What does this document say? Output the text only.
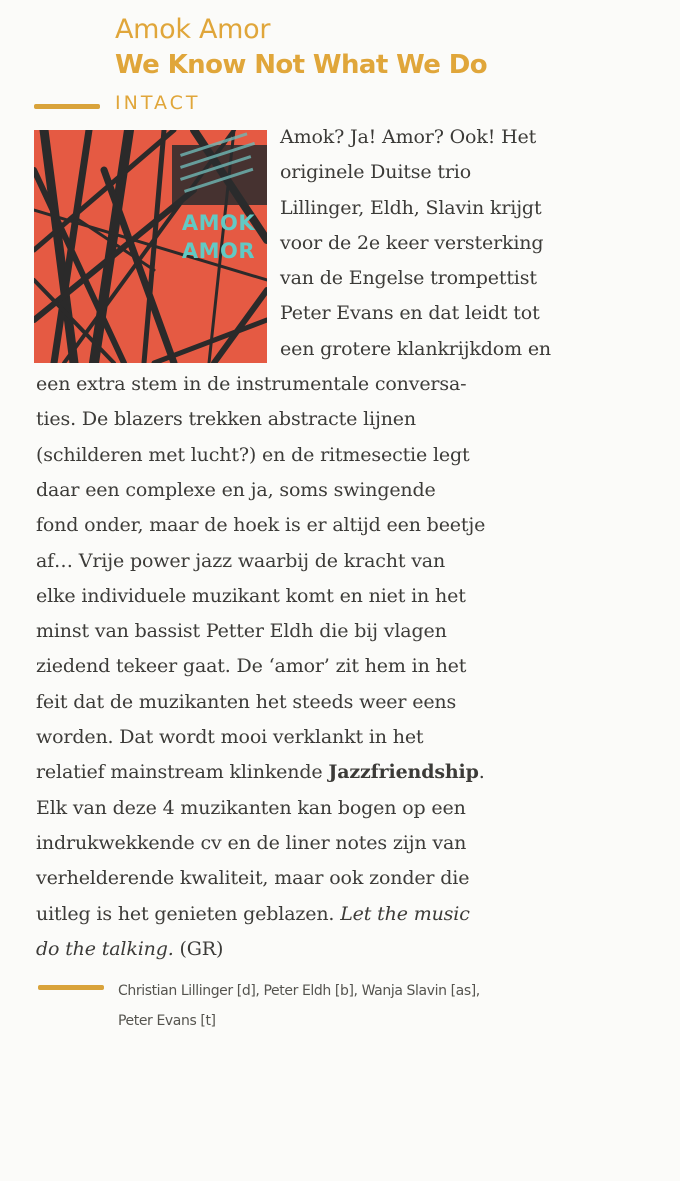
Amok Amor
We Know Not What We Do
INTACT
AMOK
AMOR
Amok? Ja! Amor? Ook! Het
originele Duitse trio
Lillinger, Eldh, Slavin krijgt
voor de 2e keer versterking
van de Engelse trompettist
Peter Evans en dat leidt tot
een grotere klankrijkdom en
een extra stem in de instrumentale conversa-
ties. De blazers trekken abstracte lijnen
(schilderen met lucht?) en de ritmesectie legt
daar een complexe en ja, soms swingende
fond onder, maar de hoek is er altijd een beetje
af… Vrije power jazz waarbij de kracht van
elke individuele muzikant komt en niet in het
minst van bassist Petter Eldh die bij vlagen
ziedend tekeer gaat. De ‘amor’ zit hem in het
feit dat de muzikanten het steeds weer eens
worden. Dat wordt mooi verklankt in het
relatief mainstream klinkende Jazzfriendship.
Elk van deze 4 muzikanten kan bogen op een
indrukwekkende cv en de liner notes zijn van
verhelderende kwaliteit, maar ook zonder die
uitleg is het genieten geblazen. Let the music
do the talking. (GR)
Christian Lillinger [d], Peter Eldh [b], Wanja Slavin [as],
Peter Evans [t]
